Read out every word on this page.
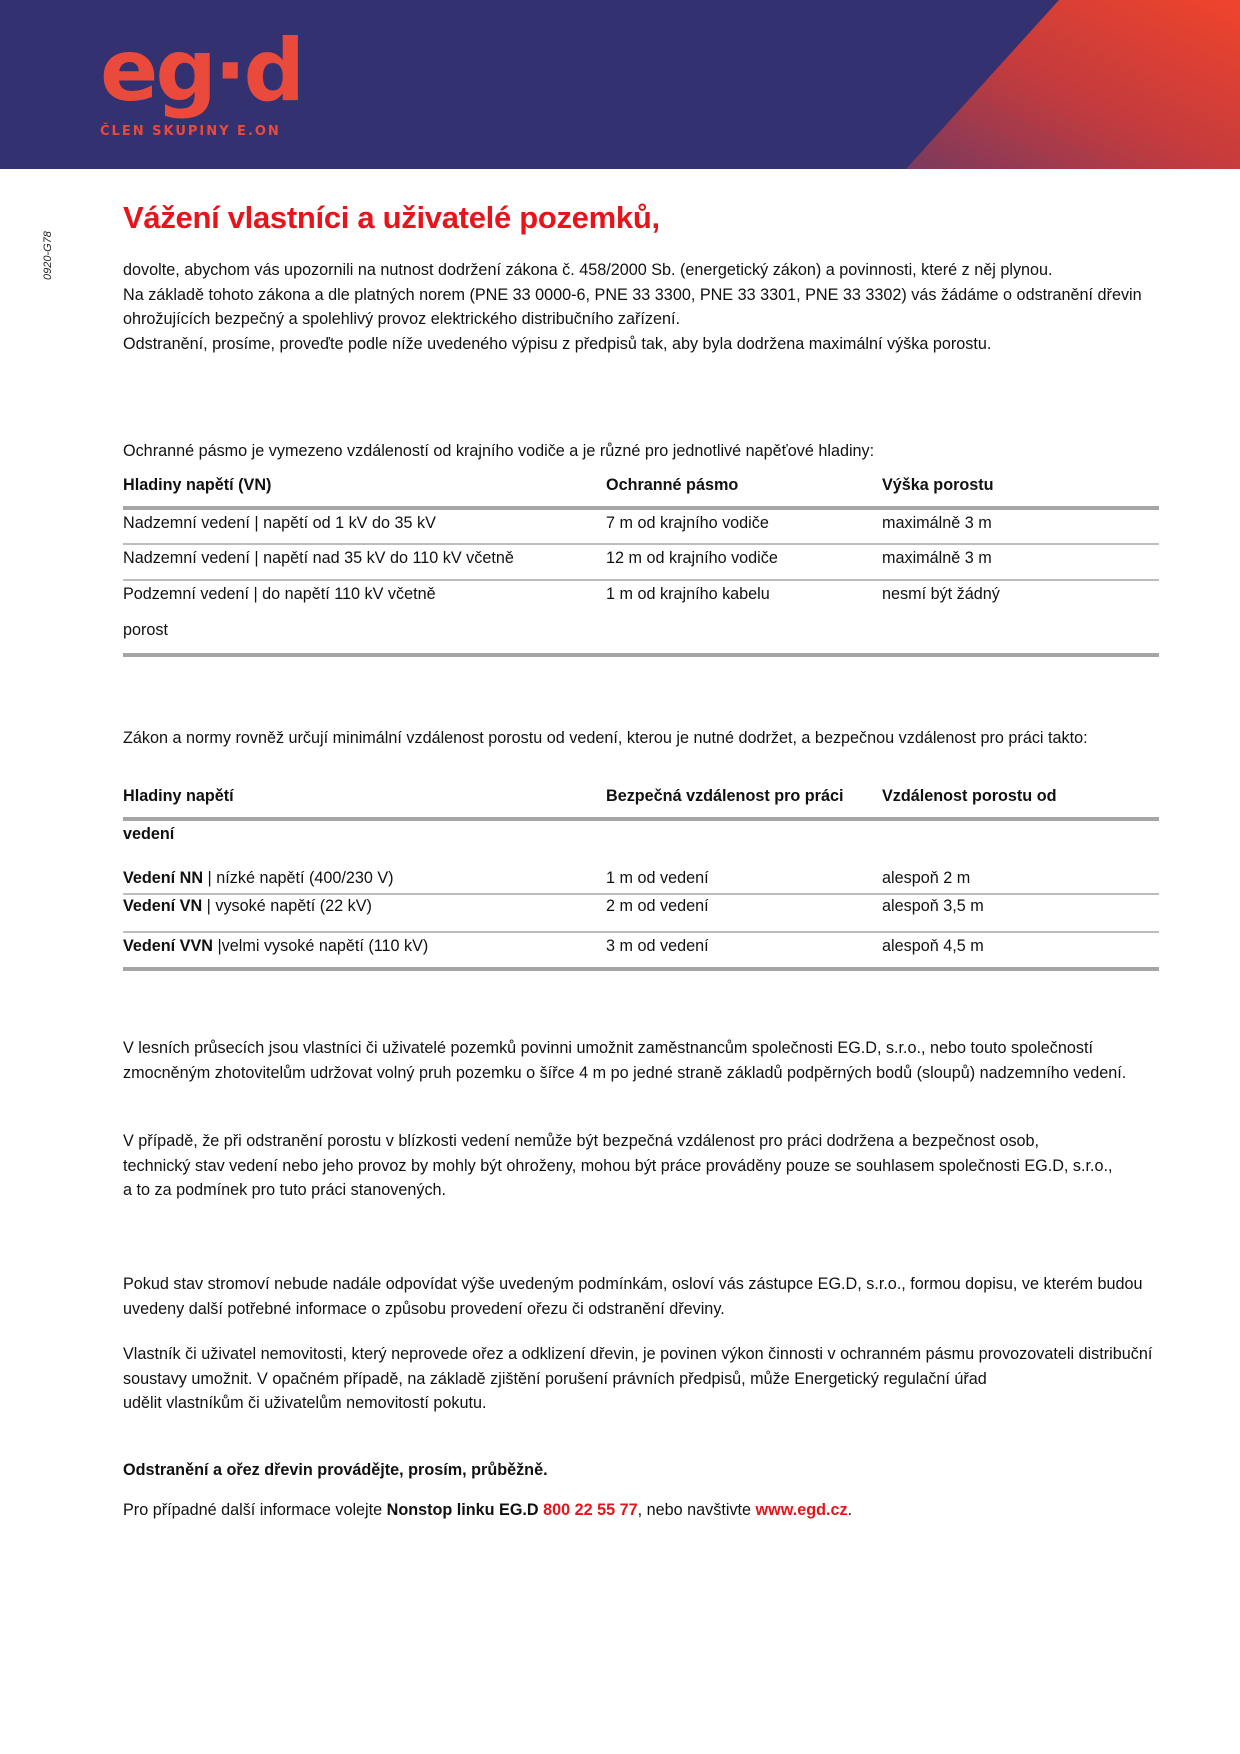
eg·d
ČLEN SKUPINY E.ON
0920-G78
Vážení vlastníci a uživatelé pozemků,
dovolte, abychom vás upozornili na nutnost dodržení zákona č. 458/2000 Sb. (energetický zákon) a povinnosti, které z něj plynou.
Na základě tohoto zákona a dle platných norem (PNE 33 0000-6, PNE 33 3300, PNE 33 3301, PNE 33 3302) vás žádáme o odstranění dřevin ohrožujících bezpečný a spolehlivý provoz elektrického distribučního zařízení.
Odstranění, prosíme, proveďte podle níže uvedeného výpisu z předpisů tak, aby byla dodržena maximální výška porostu.
Ochranné pásmo je vymezeno vzdáleností od krajního vodiče a je různé pro jednotlivé napěťové hladiny:
Hladiny napětí (VN)	Ochranné pásmo	Výška porostu
Nadzemní vedení | napětí od 1 kV do 35 kV	7 m od krajního vodiče	maximálně 3 m
Nadzemní vedení | napětí nad 35 kV do 110 kV včetně	12 m od krajního vodiče	maximálně 3 m
Podzemní vedení | do napětí 110 kV včetně	1 m od krajního kabelu	nesmí být žádný
porost
Zákon a normy rovněž určují minimální vzdálenost porostu od vedení, kterou je nutné dodržet, a bezpečnou vzdálenost pro práci takto:
Hladiny napětí	Bezpečná vzdálenost pro práci	Vzdálenost porostu od
vedení
Vedení NN | nízké napětí (400/230 V)	1 m od vedení	alespoň 2 m
Vedení VN | vysoké napětí (22 kV)	2 m od vedení	alespoň 3,5 m
Vedení VVN |velmi vysoké napětí (110 kV)	3 m od vedení	alespoň 4,5 m
V lesních průsecích jsou vlastníci či uživatelé pozemků povinni umožnit zaměstnancům společnosti EG.D, s.r.o., nebo touto společností zmocněným zhotovitelům udržovat volný pruh pozemku o šířce 4 m po jedné straně základů podpěrných bodů (sloupů) nadzemního vedení.
V případě, že při odstranění porostu v blízkosti vedení nemůže být bezpečná vzdálenost pro práci dodržena a bezpečnost osob,
technický stav vedení nebo jeho provoz by mohly být ohroženy, mohou být práce prováděny pouze se souhlasem společnosti EG.D, s.r.o.,
a to za podmínek pro tuto práci stanovených.
Pokud stav stromoví nebude nadále odpovídat výše uvedeným podmínkám, osloví vás zástupce EG.D, s.r.o., formou dopisu, ve kterém budou uvedeny další potřebné informace o způsobu provedení ořezu či odstranění dřeviny.
Vlastník či uživatel nemovitosti, který neprovede ořez a odklizení dřevin, je povinen výkon činnosti v ochranném pásmu provozovateli distribuční soustavy umožnit. V opačném případě, na základě zjištění porušení právních předpisů, může Energetický regulační úřad
udělit vlastníkům či uživatelům nemovitostí pokutu.
Odstranění a ořez dřevin provádějte, prosím, průběžně.
Pro případné další informace volejte Nonstop linku EG.D 800 22 55 77, nebo navštivte www.egd.cz.
